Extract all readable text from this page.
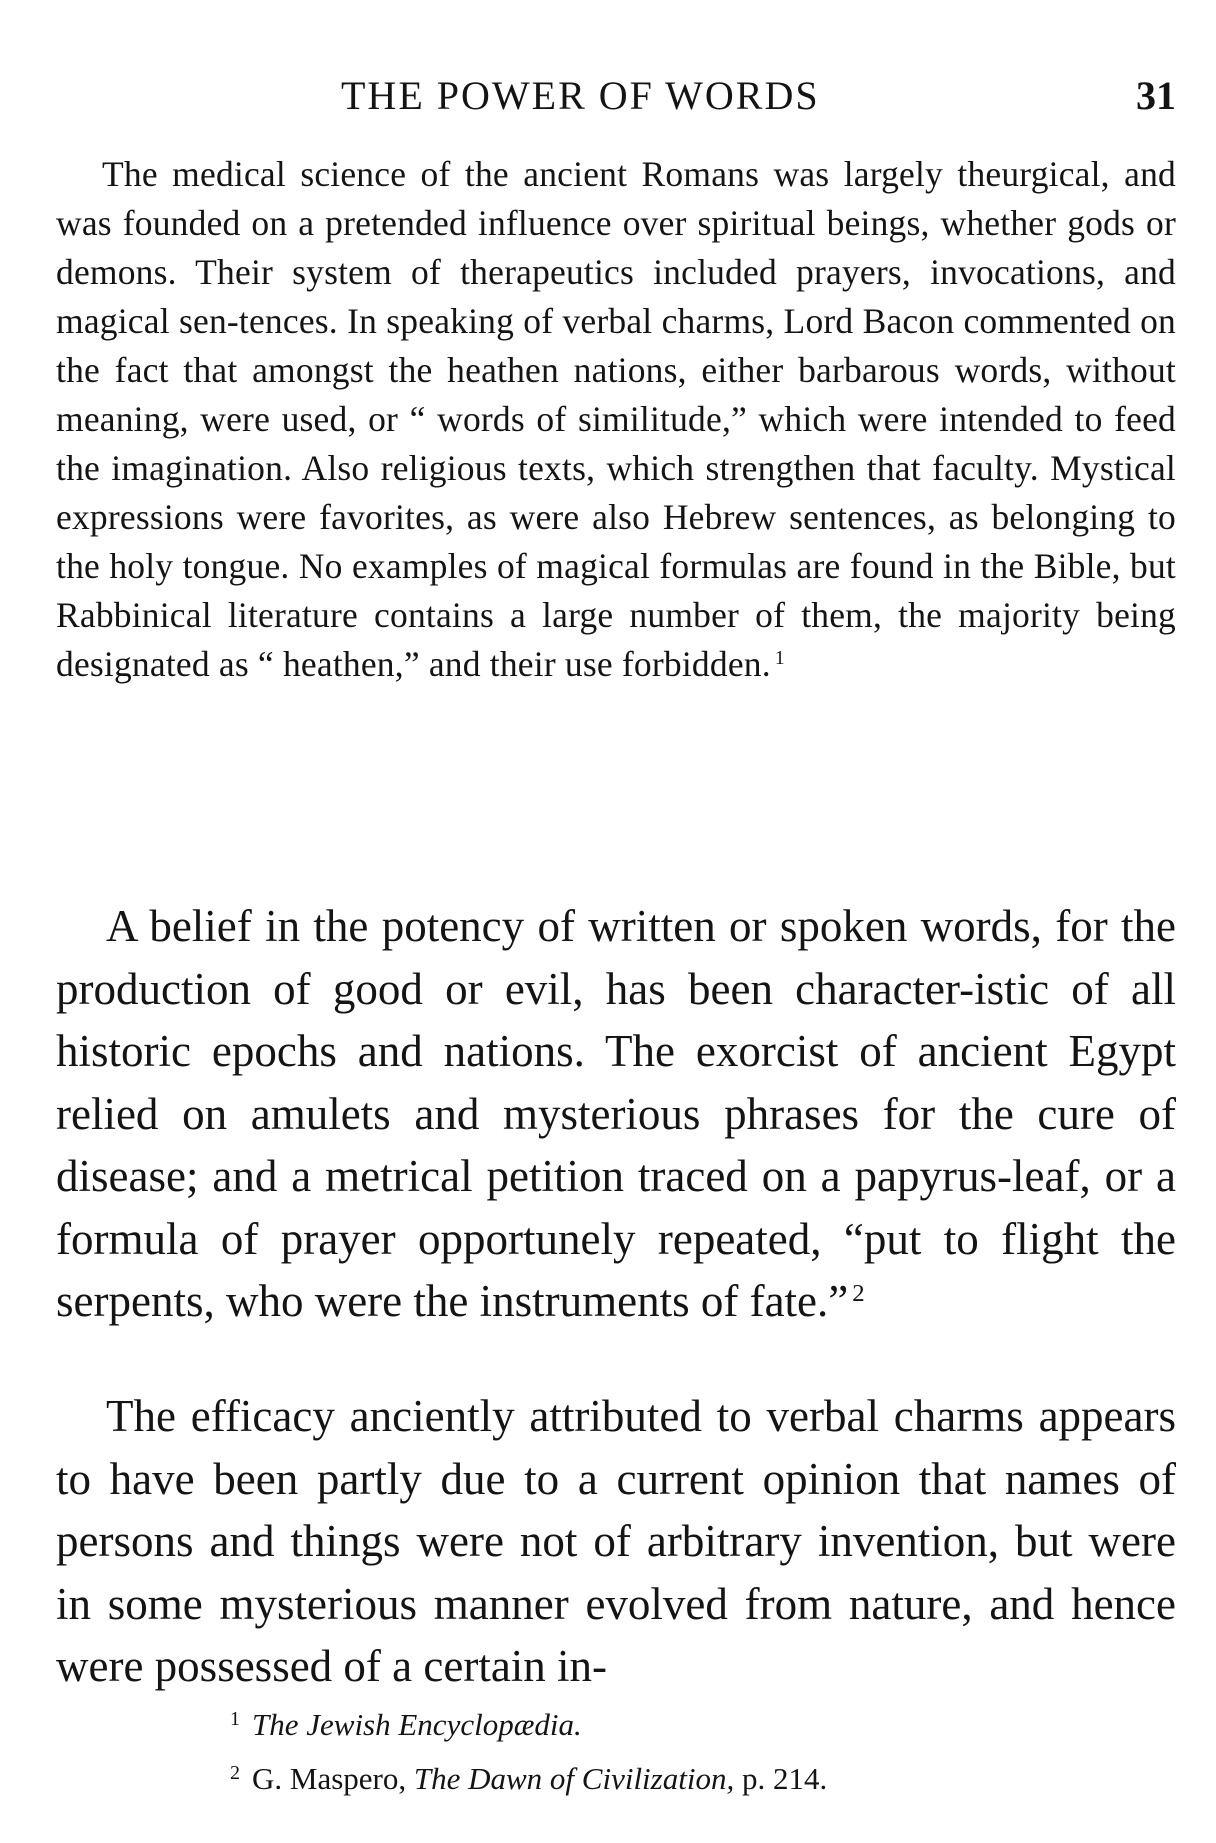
THE POWER OF WORDS	31

The medical science of the ancient Romans was largely theurgical, and was founded on a pretended influence over spiritual beings, whether gods or demons. Their system of therapeutics included prayers, invocations, and magical sen-tences. In speaking of verbal charms, Lord Bacon commented on the fact that amongst the heathen nations, either barbarous words, without meaning, were used, or “ words of similitude,” which were intended to feed the imagination. Also religious texts, which strengthen that faculty. Mystical expressions were favorites, as were also Hebrew sentences, as belonging to the holy tongue. No examples of magical formulas are found in the Bible, but Rabbinical literature contains a large number of them, the majority being designated as “ heathen,” and their use forbidden. $^1$

A belief in the potency of written or spoken words, for the production of good or evil, has been character-istic of all historic epochs and nations. The exorcist of ancient Egypt relied on amulets and mysterious phrases for the cure of disease; and a metrical petition traced on a papyrus-leaf, or a formula of prayer opportunely repeated, “put to flight the serpents, who were the instruments of fate.” $^2$

The efficacy anciently attributed to verbal charms appears to have been partly due to a current opinion that names of persons and things were not of arbitrary invention, but were in some mysterious manner evolved from nature, and hence were possessed of a certain in-

$^1$ The Jewish Encyclopædia.
$^2$ G. Maspero, The Dawn of Civilization, p. 214.
